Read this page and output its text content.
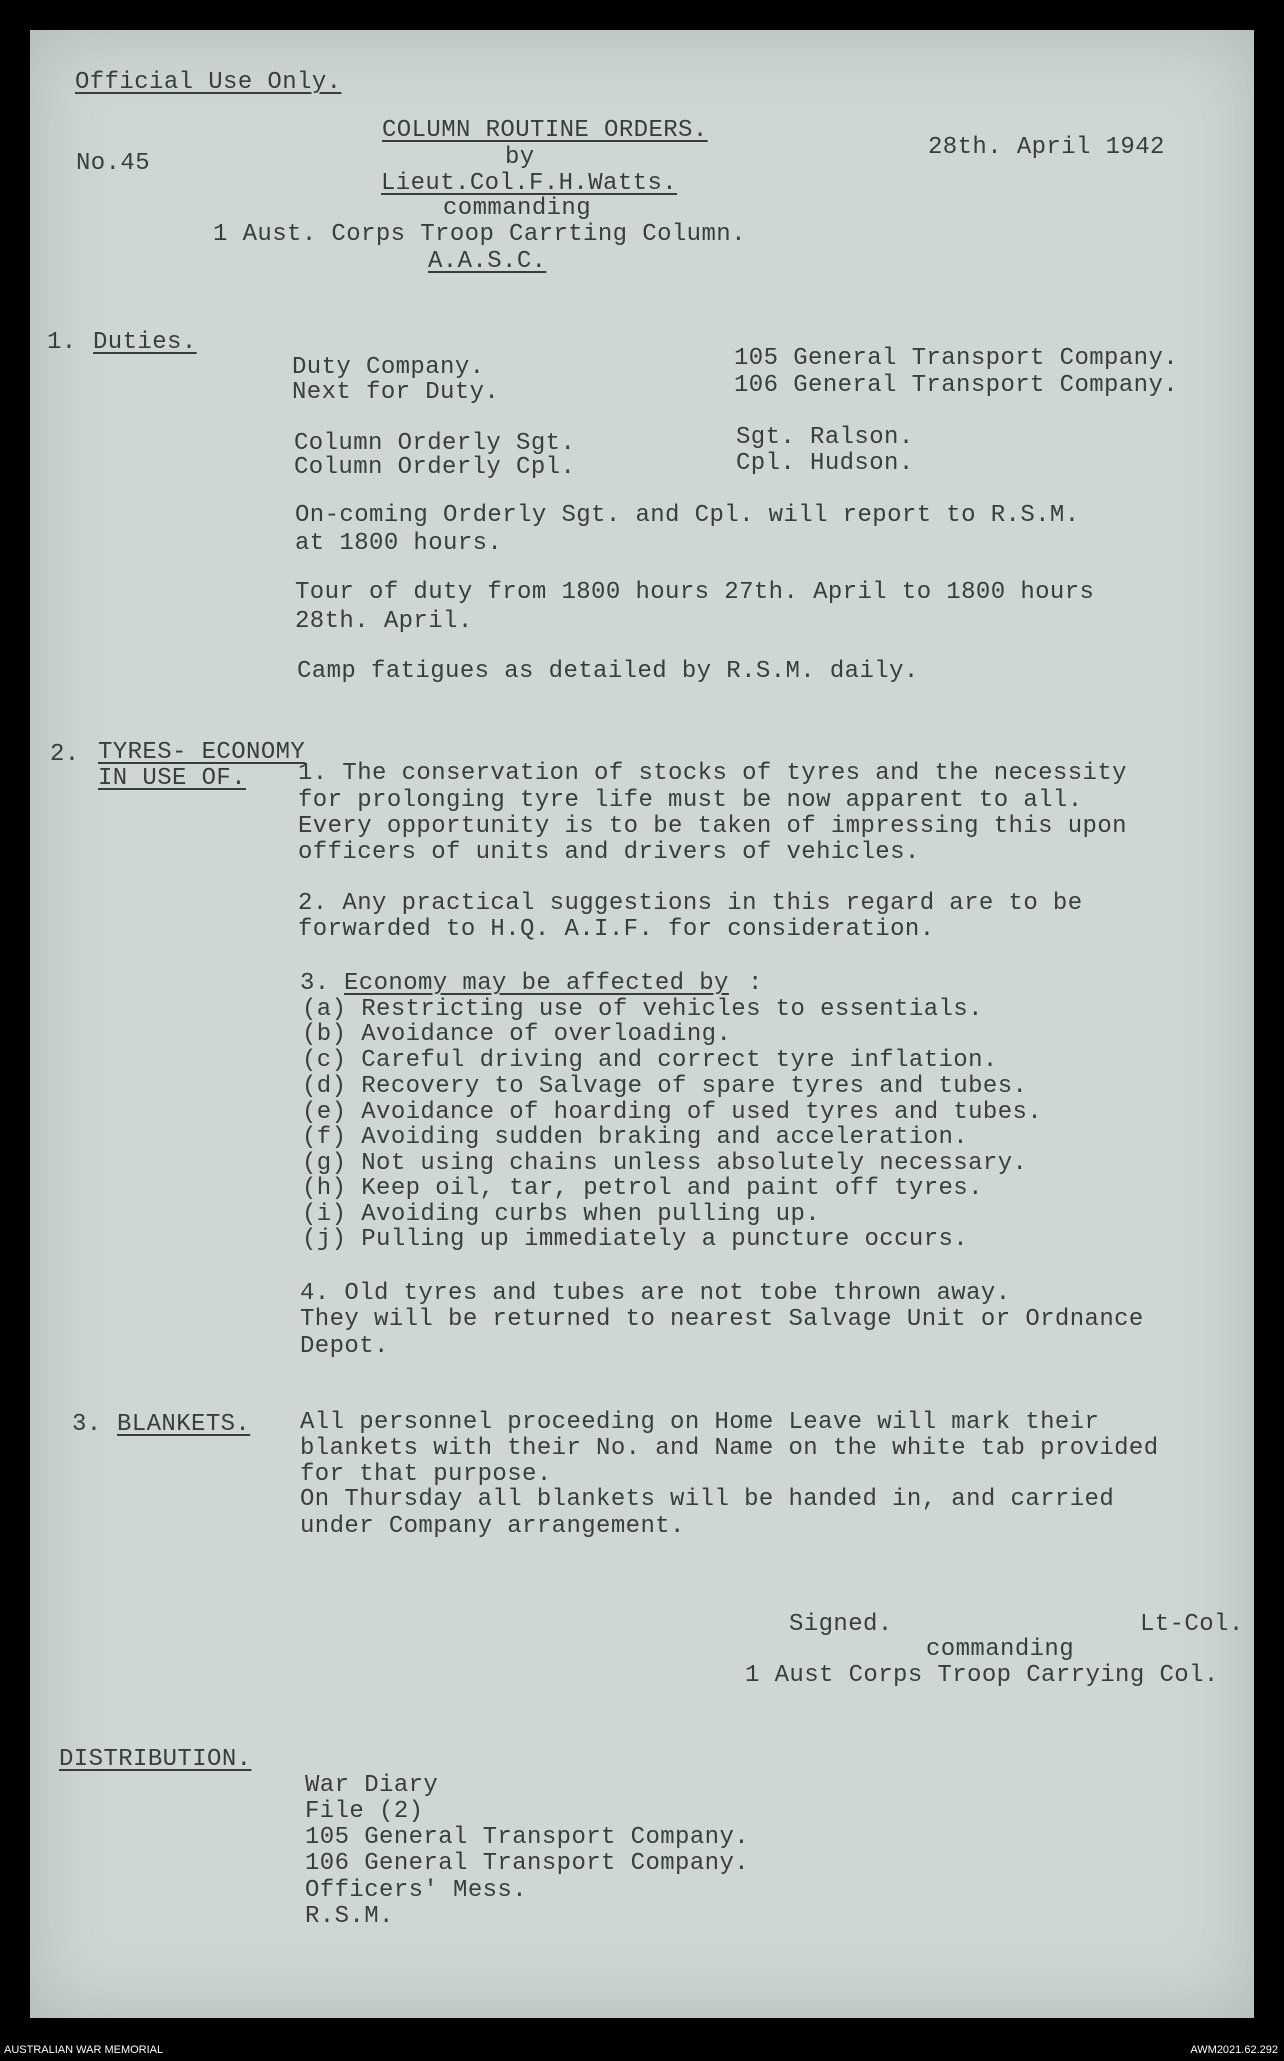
Official Use Only.
No.45
COLUMN ROUTINE ORDERS.
by
Lieut.Col.F.H.Watts.
commanding
1 Aust. Corps Troop Carrting Column.
A.A.S.C.
28th. April 1942
1. Duties.
Duty Company.	105 General Transport Company.
Next for Duty.	106 General Transport Company.
Column Orderly Sgt.	Sgt. Ralson.
Column Orderly Cpl.	Cpl. Hudson.
On-coming Orderly Sgt. and Cpl. will report to R.S.M.
at 1800 hours.
Tour of duty from 1800 hours 27th. April to 1800 hours
28th. April.
Camp fatigues as detailed by R.S.M. daily.
2. TYRES- ECONOMY
IN USE OF. 1. The conservation of stocks of tyres and the necessity
for prolonging tyre life must be now apparent to all.
Every opportunity is to be taken of impressing this upon
officers of units and drivers of vehicles.
2. Any practical suggestions in this regard are to be
forwarded to H.Q. A.I.F. for consideration.
3. Economy may be affected by :
(a) Restricting use of vehicles to essentials.
(b) Avoidance of overloading.
(c) Careful driving and correct tyre inflation.
(d) Recovery to Salvage of spare tyres and tubes.
(e) Avoidance of hoarding of used tyres and tubes.
(f) Avoiding sudden braking and acceleration.
(g) Not using chains unless absolutely necessary.
(h) Keep oil, tar, petrol and paint off tyres.
(i) Avoiding curbs when pulling up.
(j) Pulling up immediately a puncture occurs.
4. Old tyres and tubes are not tobe thrown away.
They will be returned to nearest Salvage Unit or Ordnance
Depot.
3. BLANKETS. All personnel proceeding on Home Leave will mark their
blankets with their No. and Name on the white tab provided
for that purpose.
On Thursday all blankets will be handed in, and carried
under Company arrangement.
Signed.	Lt-Col.
commanding
1 Aust Corps Troop Carrying Col.
DISTRIBUTION.
War Diary
File (2)
105 General Transport Company.
106 General Transport Company.
Officers' Mess.
R.S.M.
AUSTRALIAN WAR MEMORIAL	AWM2021.62.292
